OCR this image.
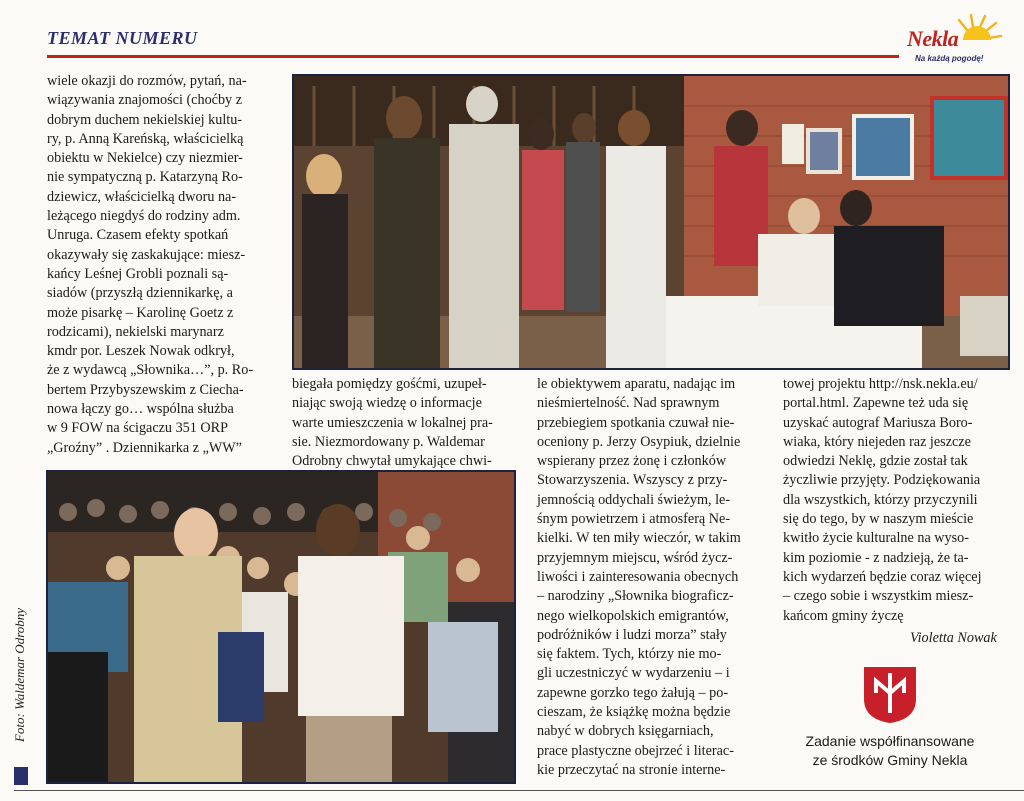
TEMAT NUMERU	Nekla
Na każdą pogodę!

wiele okazji do rozmów, pytań, na-

wiązywania znajomości (choćby z

dobrym duchem nekielskiej kultu-

ry, p. Anną Kareńską, właścicielką

obiektu w Nekielce) czy niezmier-

nie sympatyczną p. Katarzyną Ro-

dziewicz, właścicielką dworu na-

leżącego niegdyś do rodziny adm.

Unruga. Czasem efekty spotkań

okazywały się zaskakujące: miesz-

kańcy Leśnej Grobli poznali są-

siadów (przyszłą dziennikarkę, a

może pisarkę – Karolinę Goetz z

rodzicami), nekielski marynarz

kmdr por. Leszek Nowak odkrył,

że z wydawcą „Słownika…”, p. Ro-

bertem Przybyszewskim z Ciecha-

nowa łączy go… wspólna służba

w 9 FOW na ścigaczu 351 ORP

„Groźny” . Dziennikarka z „WW”

biegała pomiędzy gośćmi, uzupeł-

niając swoją wiedzę o informacje

warte umieszczenia w lokalnej pra-

sie. Niezmordowany p. Waldemar

Odrobny chwytał umykające chwi-

Foto: Waldemar Odrobny

le obiektywem aparatu, nadając im

nieśmiertelność. Nad sprawnym

przebiegiem spotkania czuwał nie-

oceniony p. Jerzy Osypiuk, dzielnie

wspierany przez żonę i członków

Stowarzyszenia. Wszyscy z przy-

jemnością oddychali świeżym, le-

śnym powietrzem i atmosferą Ne-

kielki. W ten miły wieczór, w takim

przyjemnym miejscu, wśród życz-

liwości i zainteresowania obecnych

– narodziny „Słownika biograficz-

nego wielkopolskich emigrantów,

podróżników i ludzi morza” stały

się faktem. Tych, którzy nie mo-

gli uczestniczyć w wydarzeniu – i

zapewne gorzko tego żałują – po-

cieszam, że książkę można będzie

nabyć w dobrych księgarniach,

prace plastyczne obejrzeć i literac-

kie przeczytać na stronie interne-

towej projektu http://nsk.nekla.eu/

portal.html. Zapewne też uda się

uzyskać autograf Mariusza Boro-

wiaka, który niejeden raz jeszcze

odwiedzi Neklę, gdzie został tak

życzliwie przyjęty. Podziękowania

dla wszystkich, którzy przyczynili

się do tego, by w naszym mieście

kwitło życie kulturalne na wyso-

kim poziomie - z nadzieją, że ta-

kich wydarzeń będzie coraz więcej

– czego sobie i wszystkim miesz-

kańcom gminy życzę

Violetta Nowak

Zadanie współfinansowane

ze środków Gminy Nekla
